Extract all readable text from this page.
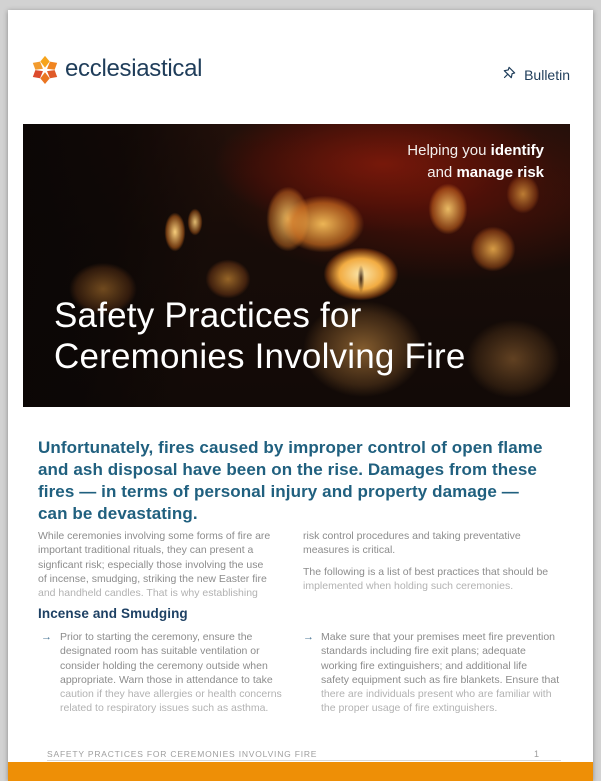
ecclesiastical	Bulletin
Helping you identify
and manage risk
Safety Practices for
Ceremonies Involving Fire
Unfortunately, fires caused by improper control of open flame
and ash disposal have been on the rise. Damages from these
fires — in terms of personal injury and property damage —
can be devastating.
While ceremonies involving some forms of fire are
important traditional rituals, they can present a
signficant risk; especially those involving the use
of incense, smudging, striking the new Easter fire
and handheld candles. That is why establishing
risk control procedures and taking preventative
measures is critical.
The following is a list of best practices that should be
implemented when holding such ceremonies.
Incense and Smudging
→ Prior to starting the ceremony, ensure the
designated room has suitable ventilation or
consider holding the ceremony outside when
appropriate. Warn those in attendance to take
caution if they have allergies or health concerns
related to respiratory issues such as asthma.
→ Make sure that your premises meet fire prevention
standards including fire exit plans; adequate
working fire extinguishers; and additional life
safety equipment such as fire blankets. Ensure that
there are individuals present who are familiar with
the proper usage of fire extinguishers.
SAFETY PRACTICES FOR CEREMONIES INVOLVING FIRE	1
